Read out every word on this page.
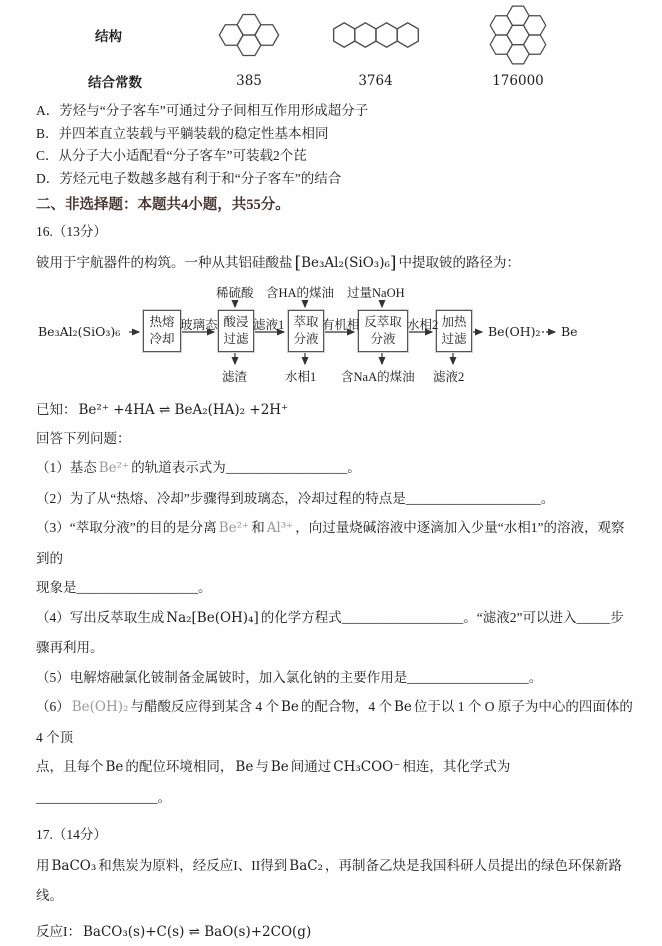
结构
结合常数	385	3764	176000
A．芳烃与“分子客车”可通过分子间相互作用形成超分子
B．并四苯直立装载与平躺装载的稳定性基本相同
C．从分子大小适配看“分子客车”可装载2个芘
D．芳烃元电子数越多越有利于和“分子客车”的结合
二、非选择题：本题共4小题，共55分。
16.（13分）
铍用于宇航器件的构筑。一种从其铝硅酸盐 [Be₃Al₂(SiO₃)₆] 中提取铍的路径为：
Be₃Al₂(SiO₃)₆
热熔
冷却
酸浸
过滤
萃取
分液
反萃取
分液
加热
过滤
玻璃态	滤液1	有机相	水相2
稀硫酸 含HA的煤油 过量NaOH
滤渣	水相1 含NaA的煤油 滤液2
Be(OH)₂ Be
已知： Be²⁺ +4HA ⇌ BeA₂(HA)₂ +2H⁺
回答下列问题：
（1）基态 Be²⁺ 的轨道表示式为__________________。
（2）为了从“热熔、冷却”步骤得到玻璃态，冷却过程的特点是____________________。
（3）“萃取分液”的目的是分离 Be²⁺ 和 Al³⁺ ，向过量烧碱溶液中逐滴加入少量“水相1”的溶液，观察到的
现象是__________________。
（4）写出反萃取生成 Na₂[Be(OH)₄] 的化学方程式__________________。“滤液2”可以进入_____步
骤再利用。
（5）电解熔融氯化铍制备金属铍时，加入氯化钠的主要作用是__________________。
（6） Be(OH)₂ 与醋酸反应得到某含 4 个 Be 的配合物，4 个 Be 位于以 1 个 O 原子为中心的四面体的 4 个顶
点，且每个 Be 的配位环境相同， Be 与 Be 间通过 CH₃COO⁻ 相连，其化学式为__________________。
17.（14分）
用 BaCO₃ 和焦炭为原料，经反应I、II得到 BaC₂ ，再制备乙炔是我国科研人员提出的绿色环保新路线。
反应I： BaCO₃(s)+C(s) ⇌ BaO(s)+2CO(g)
